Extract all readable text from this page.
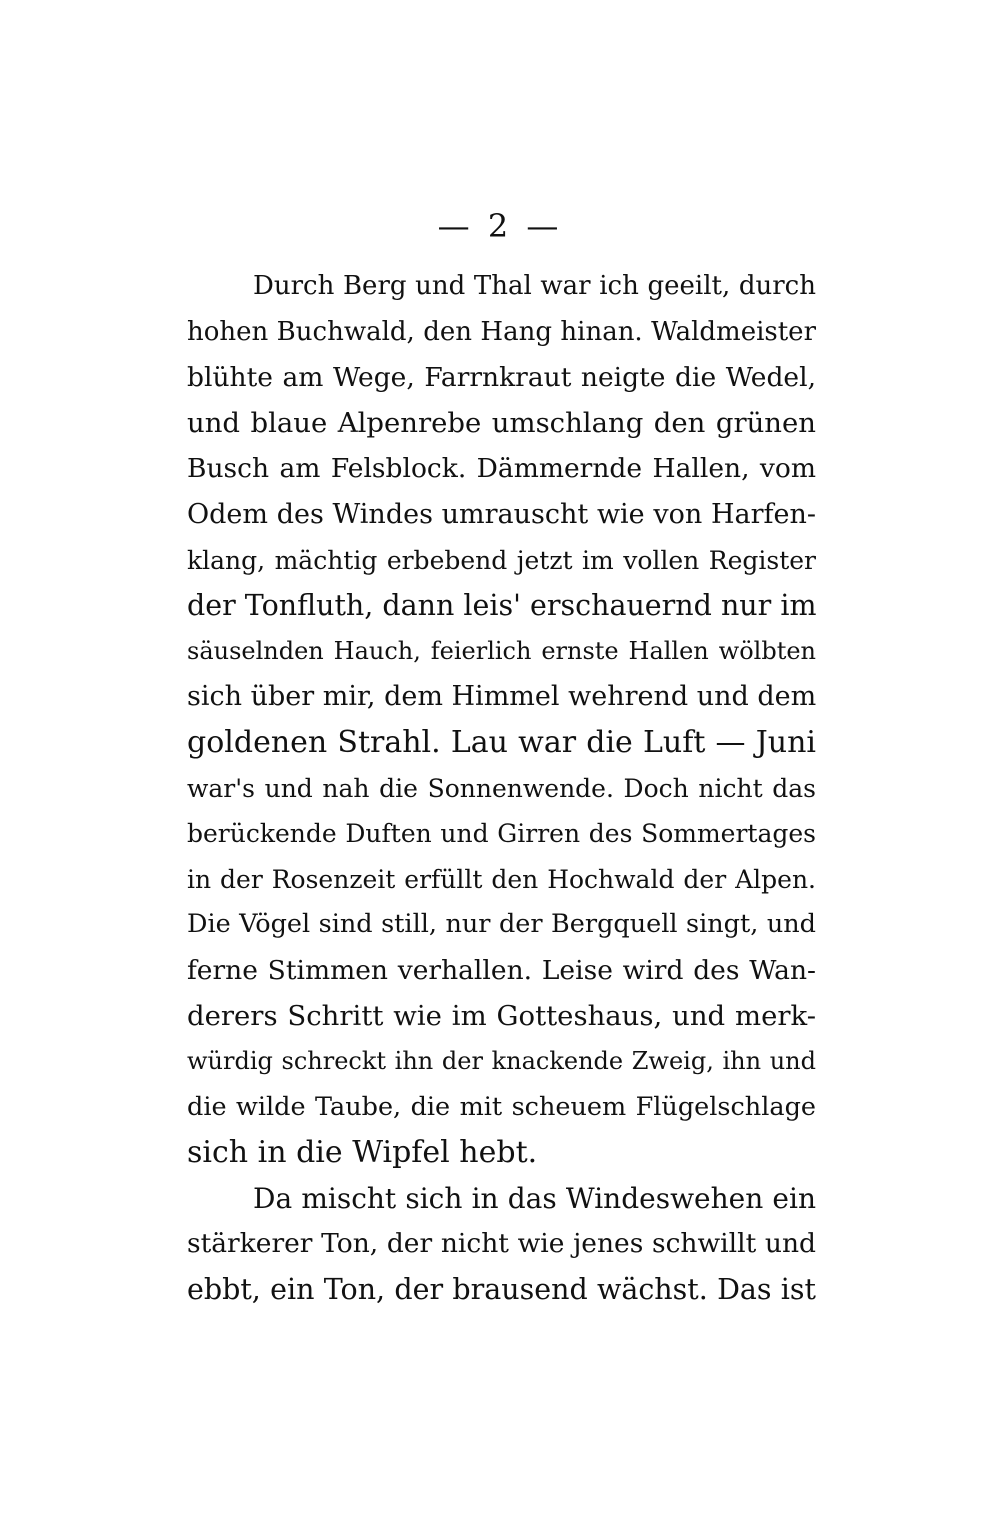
— 2 —
Durch Berg und Thal war ich geeilt, durch
hohen Buchwald, den Hang hinan. Waldmeister
blühte am Wege, Farrnkraut neigte die Wedel,
und blaue Alpenrebe umschlang den grünen
Busch am Felsblock. Dämmernde Hallen, vom
Odem des Windes umrauscht wie von Harfen-
klang, mächtig erbebend jetzt im vollen Register
der Tonfluth, dann leis' erschauernd nur im
säuselnden Hauch, feierlich ernste Hallen wölbten
sich über mir, dem Himmel wehrend und dem
goldenen Strahl. Lau war die Luft — Juni
war's und nah die Sonnenwende. Doch nicht das
berückende Duften und Girren des Sommertages
in der Rosenzeit erfüllt den Hochwald der Alpen.
Die Vögel sind still, nur der Bergquell singt, und
ferne Stimmen verhallen. Leise wird des Wan-
derers Schritt wie im Gotteshaus, und merk-
würdig schreckt ihn der knackende Zweig, ihn und
die wilde Taube, die mit scheuem Flügelschlage
sich in die Wipfel hebt.
Da mischt sich in das Windeswehen ein
stärkerer Ton, der nicht wie jenes schwillt und
ebbt, ein Ton, der brausend wächst. Das ist
